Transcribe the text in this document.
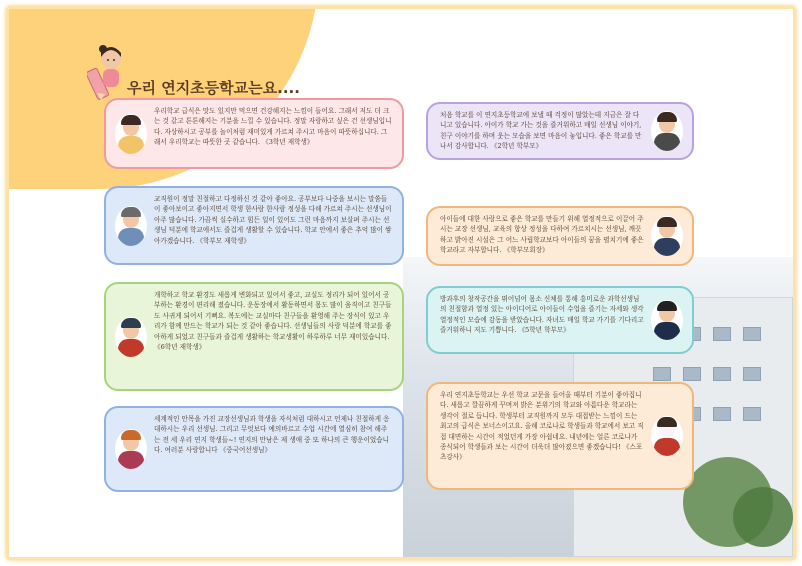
우리 연지초등학교는요....
우리학교 급식은 맛도 있지만 먹으면 건강해지는 느낌이 들어요. 그래서 저도 더 크는 것 같고 튼튼해지는 기분을 느낄 수 있습니다. 정말 자랑하고 싶은 건 선생님입니다. 자상하시고 공부를 놀이처럼 재미있게 가르쳐 주시고 마음이 따뜻하십니다. 그래서 우리학교는 따뜻한 곳 같습니다. 《3학년 재학생》
교직원이 정말 친절하고 다정하신 것 같아 좋아요. 공부보다 나중을 보시는 말씀들이 좋아보이고 좋아지면서 학생 한사람 한사람 정성을 다해 가르쳐 주시는 선생님이 아주 많습니다. 가끔씩 실수하고 힘든 일이 있어도 그런 마음까지 보살펴 주시는 선생님 덕분에 학교에서도 즐겁게 생활할 수 있습니다. 학교 안에서 좋은 추억 많이 쌓아가겠습니다. 《학부모 재학생》
개학하고 학교 환경도 새롭게 변화되고 있어서 좋고, 교실도 정리가 되어 있어서 공부하는 환경이 편리해 졌습니다. 운동장에서 활동하면서 몸도 많이 움직이고 친구들도 사귀게 되어서 기뻐요. 복도에는 교실마다 친구들을 환영해 주는 장식이 있고 우리가 함께 만드는 학교가 되는 것 같아 좋습니다. 선생님들의 사랑 덕분에 학교를 좋아하게 되었고 친구들과 즐겁게 생활하는 학교생활이 하루하루 너무 재미있습니다. 《6학년 재학생》
세계적인 안목을 가진 교장선생님과 학생을 자식처럼 대하시고 언제나 친절하게 응대하시는 우리 선생님. 그리고 무엇보다 예의바르고 수업 시간에 열심히 참여 해주는 전 세 우리 연지 학생들~! 연지의 만남은 제 생애 중 또 하나의 큰 행운이었습니다. 여러분 사랑합니다 《중국어선생님》
처음 학교를 이 연지초등학교에 보낼 때 걱정이 많았는데 지금은 잘 다니고 있습니다. 아이가 학교 가는 것을 즐거워하고 매일 선생님 이야기, 친구 이야기를 하며 웃는 모습을 보면 마음이 놓입니다. 좋은 학교를 만나서 감사합니다. 《2학년 학부모》
아이들에 대한 사랑으로 좋은 학교를 만들기 위해 열정적으로 이끌어 주시는 교장 선생님, 교육의 항상 정성을 다하여 가르치시는 선생님, 깨끗하고 밝아진 시설은 그 어느 사립학교보다 아이들의 꿈을 펼치기에 좋은 학교라고 자부합니다. 《학부모회장》
방과후의 창작공간을 뛰어넘어 몸소 신체를 통해 흥미로운 과학선생님의 친절함과 열정 있는 아이디어로 아이들이 수업을 즐기는 자세와 생각 열정적인 모습에 감동을 받았습니다. 자녀도 매일 학교 가기를 기다리고 즐거워하니 저도 기쁩니다. 《5학년 학부모》
우리 연지초등학교는 우선 학교 교문을 들어올 때부터 기분이 좋아집니다. 새롭고 깔끔하게 꾸며져 밝은 분위기의 학교와 아름다운 학교라는 생각이 절로 듭니다. 학생부터 교직원까지 모두 대접받는 느낌이 드는 최고의 급식은 보너스이고요. 올해 코로나로 학생들과 학교에서 보고 직접 대면하는 시간이 적었던게 가장 아쉽네요. 내년에는 얼른 코로나가 종식되어 학생들과 보는 시간이 더욱더 많아졌으면 좋겠습니다! 《스포츠강사》
